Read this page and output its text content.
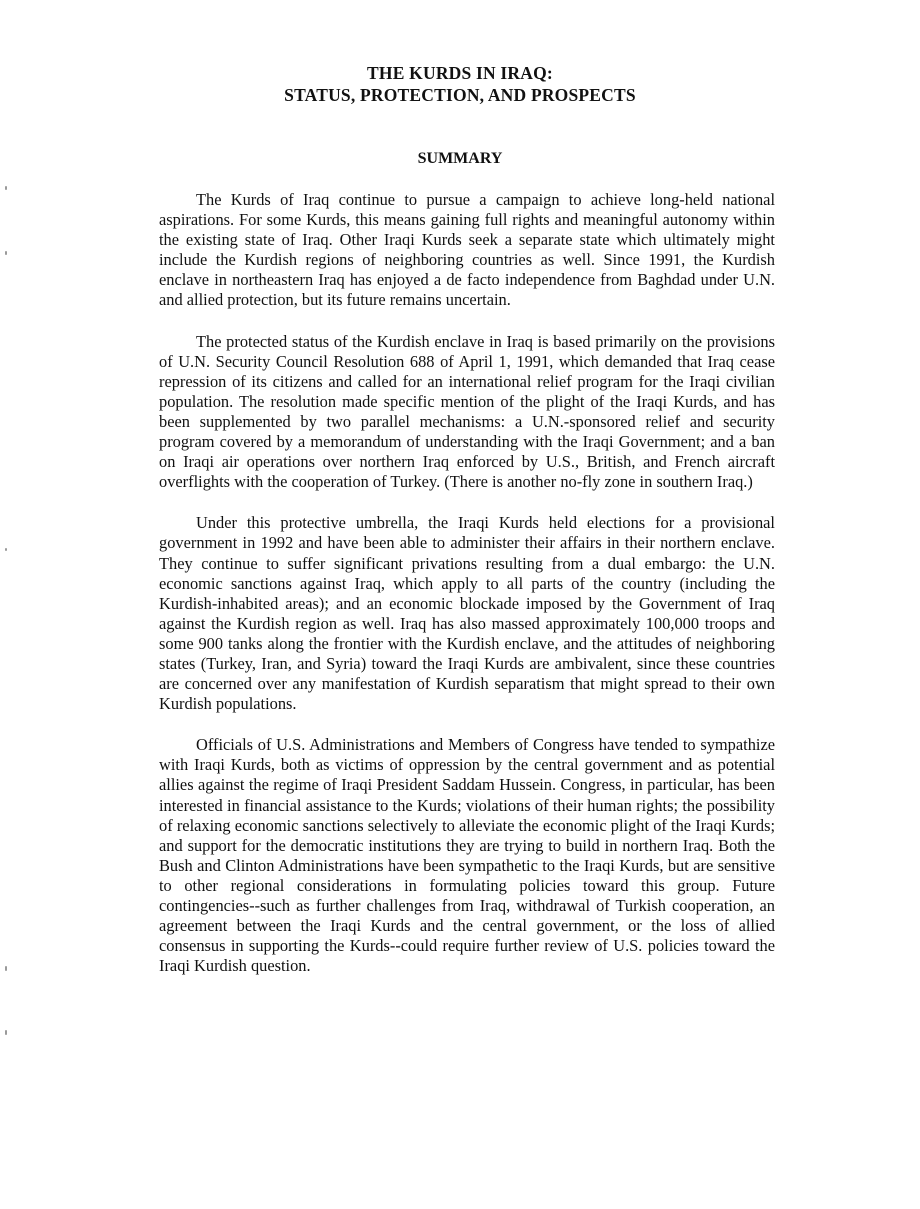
THE KURDS IN IRAQ:
STATUS, PROTECTION, AND PROSPECTS
SUMMARY

The Kurds of Iraq continue to pursue a campaign to achieve long-held national aspirations. For some Kurds, this means gaining full rights and meaningful autonomy within the existing state of Iraq. Other Iraqi Kurds seek a separate state which ultimately might include the Kurdish regions of neighboring countries as well. Since 1991, the Kurdish enclave in northeastern Iraq has enjoyed a de facto independence from Baghdad under U.N. and allied protection, but its future remains uncertain.

The protected status of the Kurdish enclave in Iraq is based primarily on the provisions of U.N. Security Council Resolution 688 of April 1, 1991, which demanded that Iraq cease repression of its citizens and called for an international relief program for the Iraqi civilian population. The resolution made specific mention of the plight of the Iraqi Kurds, and has been supplemented by two parallel mechanisms: a U.N.-sponsored relief and security program covered by a memorandum of understanding with the Iraqi Government; and a ban on Iraqi air operations over northern Iraq enforced by U.S., British, and French aircraft overflights with the cooperation of Turkey. (There is another no-fly zone in southern Iraq.)

Under this protective umbrella, the Iraqi Kurds held elections for a provisional government in 1992 and have been able to administer their affairs in their northern enclave. They continue to suffer significant privations resulting from a dual embargo: the U.N. economic sanctions against Iraq, which apply to all parts of the country (including the Kurdish-inhabited areas); and an economic blockade imposed by the Government of Iraq against the Kurdish region as well. Iraq has also massed approximately 100,000 troops and some 900 tanks along the frontier with the Kurdish enclave, and the attitudes of neighboring states (Turkey, Iran, and Syria) toward the Iraqi Kurds are ambivalent, since these countries are concerned over any manifestation of Kurdish separatism that might spread to their own Kurdish populations.

Officials of U.S. Administrations and Members of Congress have tended to sympathize with Iraqi Kurds, both as victims of oppression by the central government and as potential allies against the regime of Iraqi President Saddam Hussein. Congress, in particular, has been interested in financial assistance to the Kurds; violations of their human rights; the possibility of relaxing economic sanctions selectively to alleviate the economic plight of the Iraqi Kurds; and support for the democratic institutions they are trying to build in northern Iraq. Both the Bush and Clinton Administrations have been sympathetic to the Iraqi Kurds, but are sensitive to other regional considerations in formulating policies toward this group. Future contingencies--such as further challenges from Iraq, withdrawal of Turkish cooperation, an agreement between the Iraqi Kurds and the central government, or the loss of allied consensus in supporting the Kurds--could require further review of U.S. policies toward the Iraqi Kurdish question.
